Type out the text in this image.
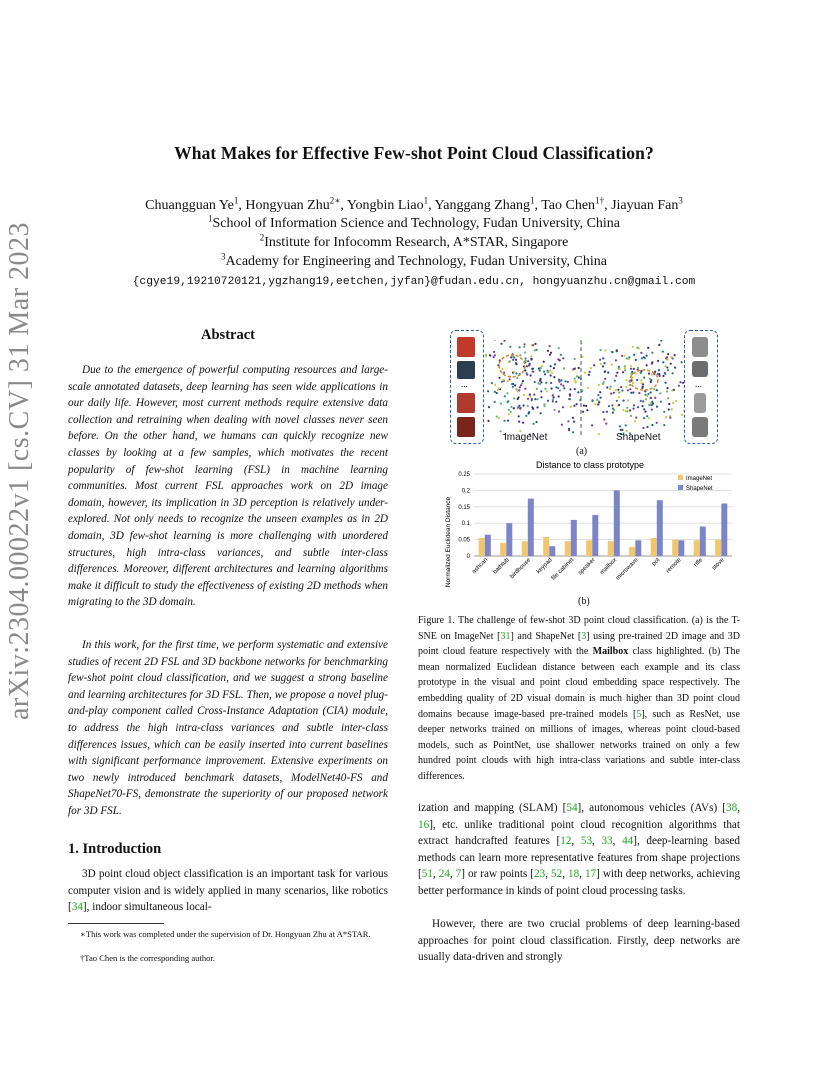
arXiv:2304.00022v1 [cs.CV] 31 Mar 2023
What Makes for Effective Few-shot Point Cloud Classification?
Chuangguan Ye$^1$, Hongyuan Zhu$^{2∗}$, Yongbin Liao$^1$, Yanggang Zhang$^1$, Tao Chen$^{1\dagger}$, Jiayuan Fan$^3$
$^1$School of Information Science and Technology, Fudan University, China
$^2$Institute for Infocomm Research, A*STAR, Singapore
$^3$Academy for Engineering and Technology, Fudan University, China
{cgye19,19210720121,ygzhang19,eetchen,jyfan}@fudan.edu.cn, hongyuanzhu.cn@gmail.com
Abstract
Due to the emergence of powerful computing resources and large-scale annotated datasets, deep learning has seen wide applications in our daily life. However, most current methods require extensive data collection and retraining when dealing with novel classes never seen before. On the other hand, we humans can quickly recognize new classes by looking at a few samples, which motivates the recent popularity of few-shot learning (FSL) in machine learning communities. Most current FSL approaches work on 2D image domain, however, its implication in 3D perception is relatively under-explored. Not only needs to recognize the unseen examples as in 2D domain, 3D few-shot learning is more challenging with unordered structures, high intra-class variances, and subtle inter-class differences. Moreover, different architectures and learning algorithms make it difficult to study the effectiveness of existing 2D methods when migrating to the 3D domain.
In this work, for the first time, we perform systematic and extensive studies of recent 2D FSL and 3D backbone networks for benchmarking few-shot point cloud classification, and we suggest a strong baseline and learning architectures for 3D FSL. Then, we propose a novel plug-and-play component called Cross-Instance Adaptation (CIA) module, to address the high intra-class variances and subtle inter-class differences issues, which can be easily inserted into current baselines with significant performance improvement. Extensive experiments on two newly introduced benchmark datasets, ModelNet40-FS and ShapeNet70-FS, demonstrate the superiority of our proposed network for 3D FSL.
1. Introduction
3D point cloud object classification is an important task for various computer vision and is widely applied in many scenarios, like robotics [34], indoor simultaneous local-
∗This work was completed under the supervision of Dr. Hongyuan Zhu at A*STAR.
†Tao Chen is the corresponding author.
...	...
ImageNet	ShapeNet
(a)
Distance to class prototype
Normalized Euclidean Distance 0
0.05
0.1
0.15
0.2
0.25
ashcan bathtub
birdhouse keypad
file cabinet speaker mailbox
microwave pot remote rifle stove
ImageNet
ShapeNet
(b)
Figure 1. The challenge of few-shot 3D point cloud classification. (a) is the T-SNE on ImageNet [31] and ShapeNet [3] using pre-trained 2D image and 3D point cloud feature respectively with the Mailbox class highlighted. (b) The mean normalized Euclidean distance between each example and its class prototype in the visual and point cloud embedding space respectively. The embedding quality of 2D visual domain is much higher than 3D point cloud domains because image-based pre-trained models [5], such as ResNet, use deeper networks trained on millions of images, whereas point cloud-based models, such as PointNet, use shallower networks trained on only a few hundred point clouds with high intra-class variations and subtle inter-class differences.
ization and mapping (SLAM) [54], autonomous vehicles (AVs) [38, 16], etc. unlike traditional point cloud recognition algorithms that extract handcrafted features [12, 53, 33, 44], deep-learning based methods can learn more representative features from shape projections [51, 24, 7] or raw points [23, 52, 18, 17] with deep networks, achieving better performance in kinds of point cloud processing tasks.
However, there are two crucial problems of deep learning-based approaches for point cloud classification. Firstly, deep networks are usually data-driven and strongly
